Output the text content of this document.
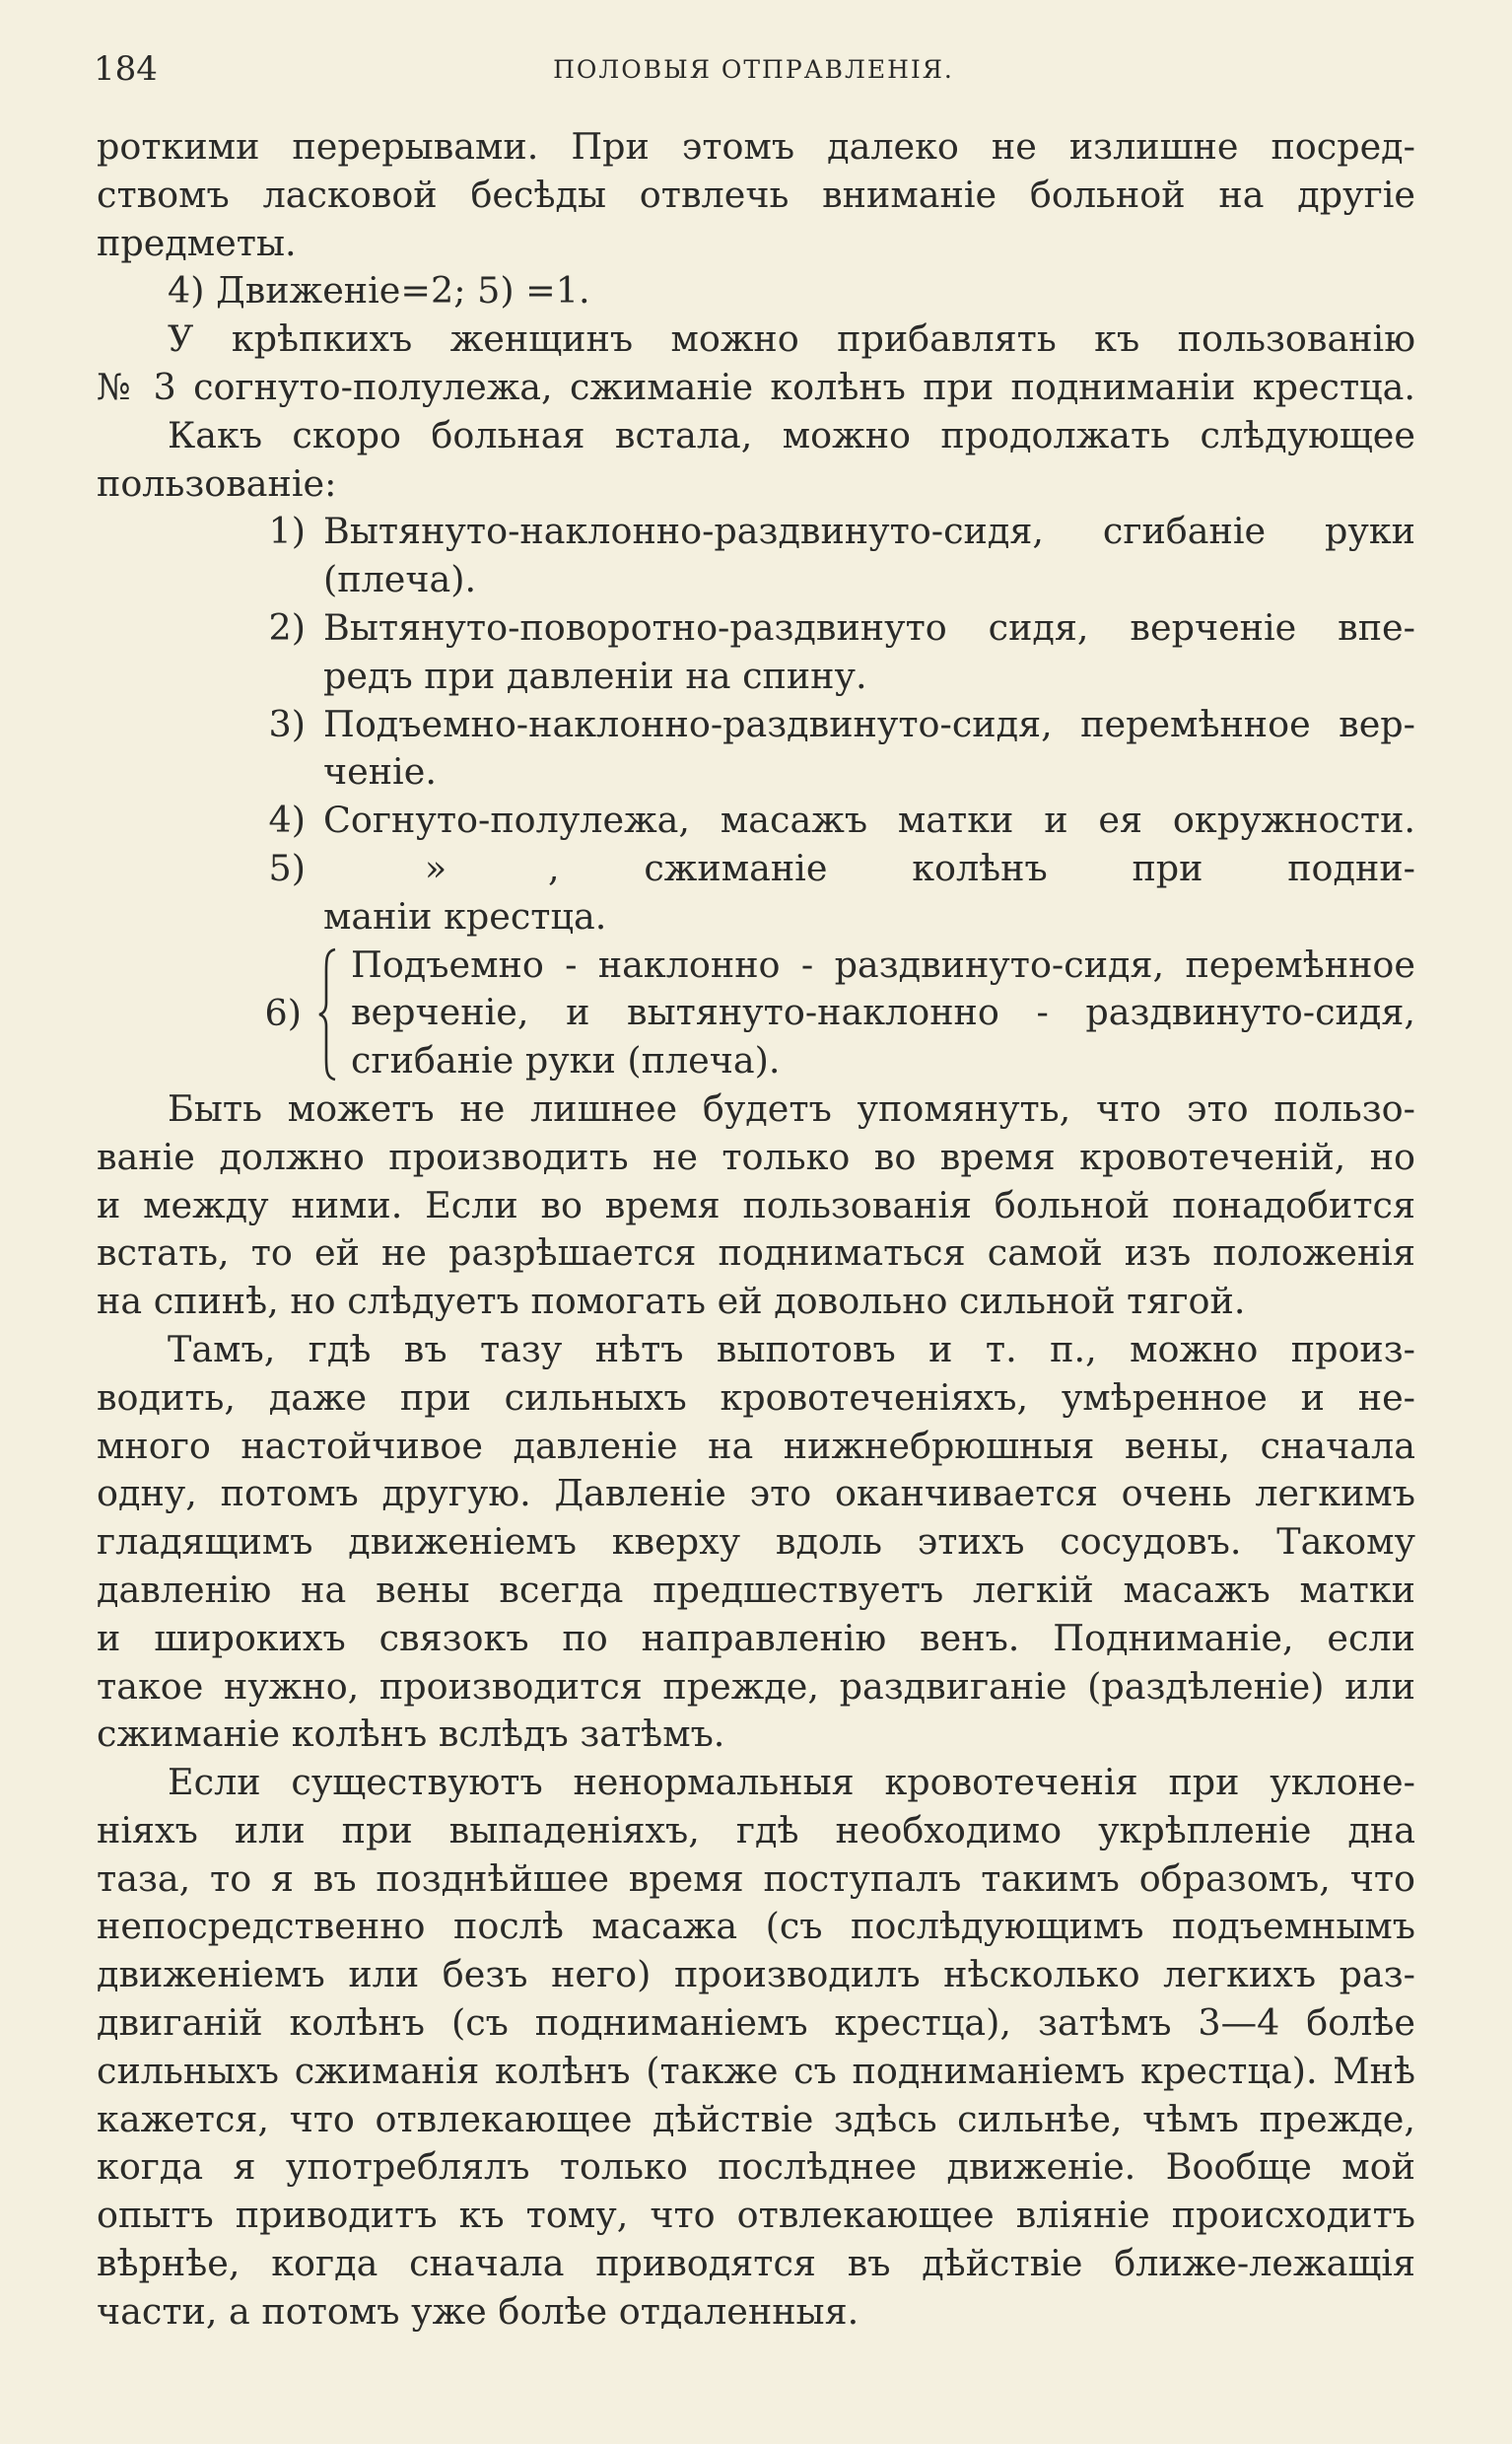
184	ПОЛОВЫЯ ОТПРАВЛЕНІЯ.
роткими перерывами. При этомъ далеко не излишне посред-
ствомъ ласковой бесѣды отвлечь вниманіе больной на другіе
предметы.
4) Движеніе=2; 5) =1.
У крѣпкихъ женщинъ можно прибавлять къ пользованію
№ 3 согнуто-полулежа, сжиманіе колѣнъ при подниманіи крестца.
Какъ скоро больная встала, можно продолжать слѣдующее
пользованіе:
1) Вытянуто-наклонно-раздвинуто-сидя, сгибаніе руки
(плеча).
2) Вытянуто-поворотно-раздвинуто сидя, верченіе впе-
редъ при давленіи на спину.
3) Подъемно-наклонно-раздвинуто-сидя, перемѣнное вер-
ченіе.
4) Согнуто-полулежа, масажъ матки и ея окружности.
5)	»	, сжиманіе колѣнъ при подни-
маніи крестца.
6)
Подъемно - наклонно - раздвинуто-сидя, перемѣнное
верченіе, и вытянуто-наклонно - раздвинуто-сидя,
сгибаніе руки (плеча).
Быть можетъ не лишнее будетъ упомянуть, что это пользо-
ваніе должно производить не только во время кровотеченій, но
и между ними. Если во время пользованія больной понадобится
встать, то ей не разрѣшается подниматься самой изъ положенія
на спинѣ, но слѣдуетъ помогать ей довольно сильной тягой.
Тамъ, гдѣ въ тазу нѣтъ выпотовъ и т. п., можно произ-
водить, даже при сильныхъ кровотеченіяхъ, умѣренное и не-
много настойчивое давленіе на нижнебрюшныя вены, сначала
одну, потомъ другую. Давленіе это оканчивается очень легкимъ
гладящимъ движеніемъ кверху вдоль этихъ сосудовъ. Такому
давленію на вены всегда предшествуетъ легкій масажъ матки
и широкихъ связокъ по направленію венъ. Подниманіе, если
такое нужно, производится прежде, раздвиганіе (раздѣленіе) или
сжиманіе колѣнъ вслѣдъ затѣмъ.
Если существуютъ ненормальныя кровотеченія при уклоне-
ніяхъ или при выпаденіяхъ, гдѣ необходимо укрѣпленіе дна
таза, то я въ позднѣйшее время поступалъ такимъ образомъ, что
непосредственно послѣ масажа (съ послѣдующимъ подъемнымъ
движеніемъ или безъ него) производилъ нѣсколько легкихъ раз-
двиганій колѣнъ (съ подниманіемъ крестца), затѣмъ 3—4 болѣе
сильныхъ сжиманія колѣнъ (также съ подниманіемъ крестца). Мнѣ
кажется, что отвлекающее дѣйствіе здѣсь сильнѣе, чѣмъ прежде,
когда я употреблялъ только послѣднее движеніе. Вообще мой
опытъ приводитъ къ тому, что отвлекающее вліяніе происходитъ
вѣрнѣе, когда сначала приводятся въ дѣйствіе ближе-лежащія
части, а потомъ уже болѣе отдаленныя.
